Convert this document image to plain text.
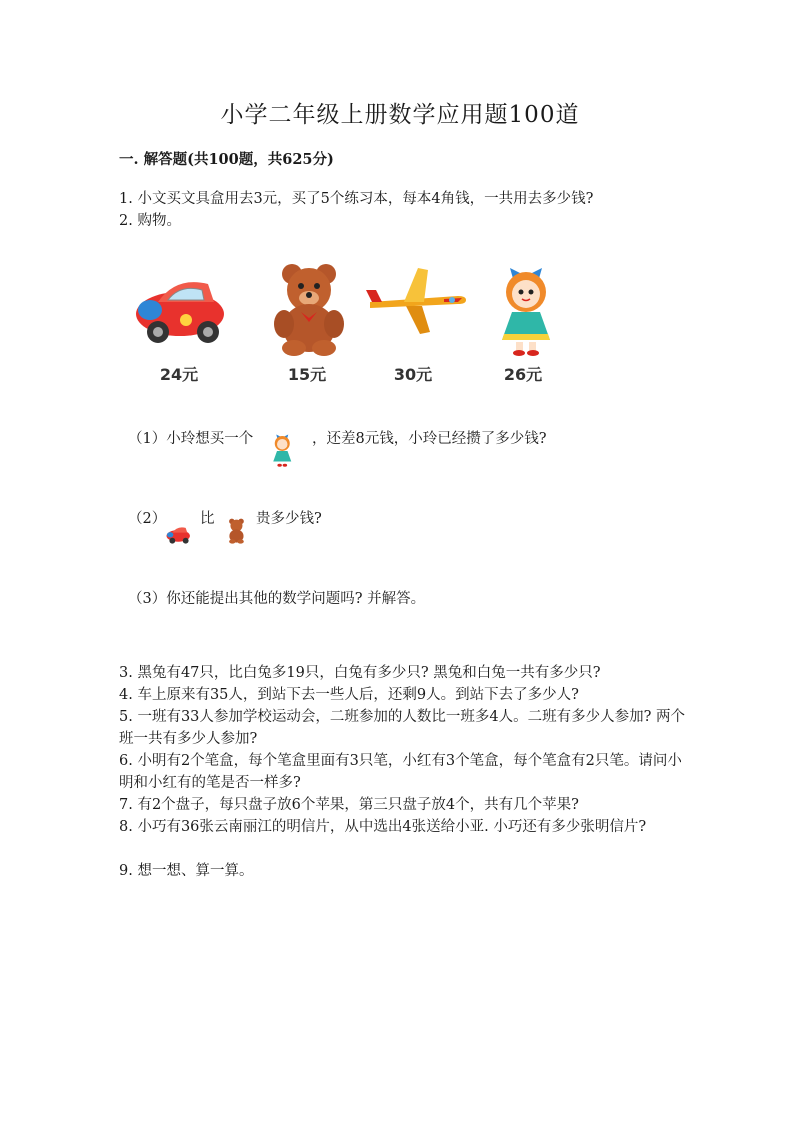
小学二年级上册数学应用题100道
一. 解答题(共100题，共625分)
1. 小文买文具盒用去3元，买了5个练习本，每本4角钱，一共用去多少钱?
2. 购物。
24元	15元	30元	26元
（1）小玲想买一个	，还差8元钱，小玲已经攒了多少钱?
（2） 比	贵多少钱?
（3）你还能提出其他的数学问题吗? 并解答。
3. 黑兔有47只，比白兔多19只，白兔有多少只? 黑兔和白兔一共有多少只?
4. 车上原来有35人，到站下去一些人后，还剩9人。到站下去了多少人?
5. 一班有33人参加学校运动会，二班参加的人数比一班多4人。二班有多少人参加? 两个班一共有多少人参加?
6. 小明有2个笔盒，每个笔盒里面有3只笔，小红有3个笔盒，每个笔盒有2只笔。请问小明和小红有的笔是否一样多?
7. 有2个盘子，每只盘子放6个苹果，第三只盘子放4个，共有几个苹果?
8. 小巧有36张云南丽江的明信片，从中选出4张送给小亚. 小巧还有多少张明信片?
9. 想一想、算一算。
